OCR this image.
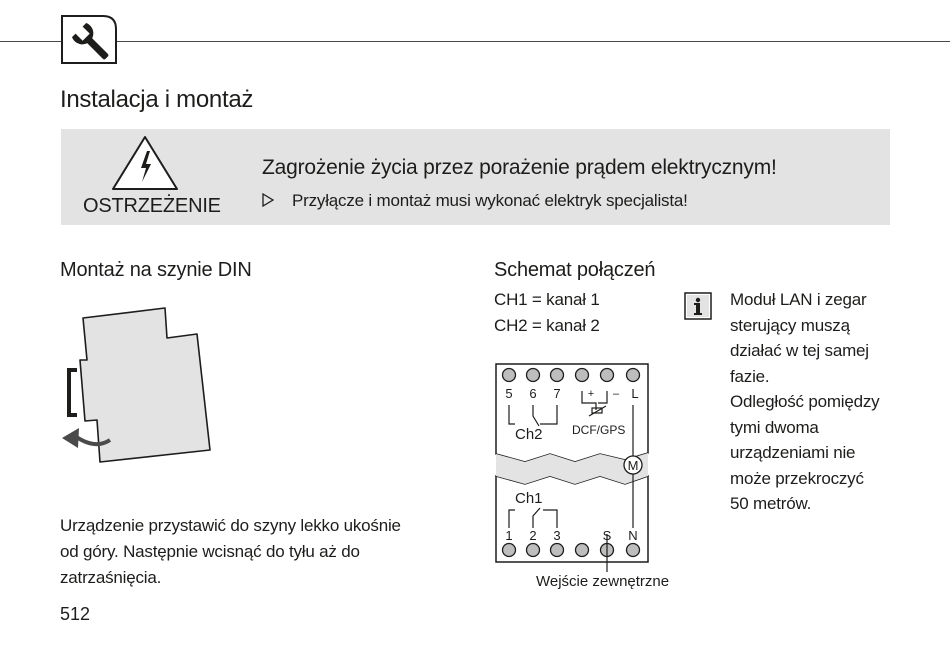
Instalacja i montaż
OSTRZEŻENIE
Zagrożenie życia przez porażenie prądem elektrycznym!
Przyłącze i montaż musi wykonać elektryk specjalista!
Montaż na szynie DIN
Urządzenie przystawić do szyny lekko ukośnie
od góry. Następnie wcisnąć do tyłu aż do
zatrzaśnięcia.
Schemat połączeń
CH1 = kanał 1
CH2 = kanał 2
5 6 7 + – L
M
Ch2 DCF/GPS
Ch1
1 2 3	S N
Wejście zewnętrzne
Moduł LAN i zegar
sterujący muszą
działać w tej samej
fazie.
Odległość pomiędzy
tymi dwoma
urządzeniami nie
może przekroczyć
50 metrów.
512
